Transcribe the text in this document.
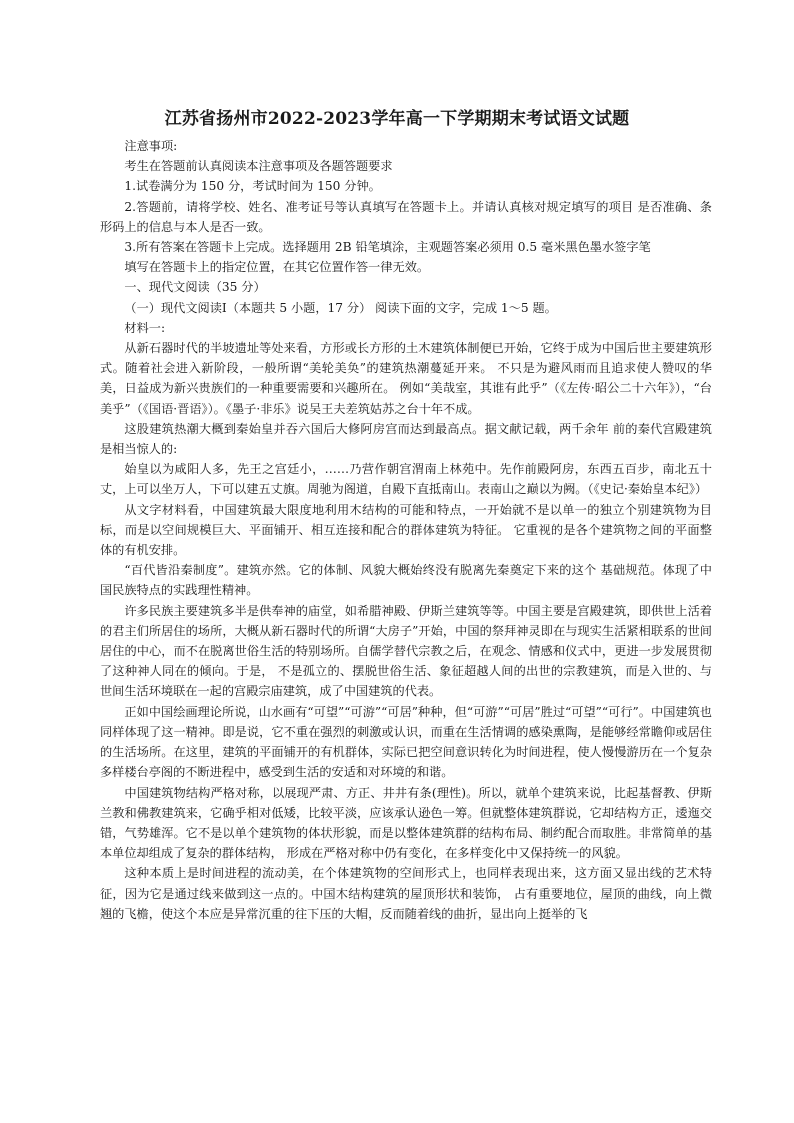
江苏省扬州市2022-2023学年高一下学期期末考试语文试题

注意事项:

考生在答题前认真阅读本注意事项及各题答题要求

1.试卷满分为 150 分，考试时间为 150 分钟。

2.答题前，请将学校、姓名、准考证号等认真填写在答题卡上。并请认真核对规定填写的项目 是否准确、条形码上的信息与本人是否一致。

3.所有答案在答题卡上完成。选择题用 2B 铅笔填涂，主观题答案必须用 0.5 毫米黑色墨水签字笔

填写在答题卡上的指定位置，在其它位置作答一律无效。

一、现代文阅读（35 分）

（一）现代文阅读Ⅰ（本题共 5 小题，17 分） 阅读下面的文字，完成 1～5 题。

材料一:

从新石器时代的半坡遗址等处来看，方形或长方形的土木建筑体制便已开始，它终于成为中国后世主要建筑形式。随着社会进入新阶段，一般所谓“美轮美奂”的建筑热潮蔓延开来。 不只是为避风雨而且追求使人赞叹的华美，日益成为新兴贵族们的一种重要需要和兴趣所在。 例如“美哉室，其谁有此乎”（《左传·昭公二十六年》），“台美乎”（《国语·晋语》）。《墨子·非乐》说吴王夫差筑姑苏之台十年不成。

这股建筑热潮大概到秦始皇并吞六国后大修阿房宫而达到最高点。据文献记载，两千余年 前的秦代宫殿建筑是相当惊人的:

始皇以为咸阳人多，先王之宫廷小，……乃营作朝宫渭南上林苑中。先作前殿阿房，东西五百步，南北五十丈，上可以坐万人，下可以建五丈旗。周驰为阁道，自殿下直抵南山。表南山之巅以为阙。（《史记·秦始皇本纪》）

从文字材料看，中国建筑最大限度地利用木结构的可能和特点，一开始就不是以单一的独立个别建筑物为目标，而是以空间规模巨大、平面铺开、相互连接和配合的群体建筑为特征。 它重视的是各个建筑物之间的平面整体的有机安排。

“百代皆沿秦制度”。建筑亦然。它的体制、风貌大概始终没有脱离先秦奠定下来的这个 基础规范。体现了中国民族特点的实践理性精神。

许多民族主要建筑多半是供奉神的庙堂，如希腊神殿、伊斯兰建筑等等。中国主要是宫殿建筑，即供世上活着的君主们所居住的场所，大概从新石器时代的所谓“大房子”开始，中国的祭拜神灵即在与现实生活紧相联系的世间居住的中心，而不在脱离世俗生活的特别场所。自儒学替代宗教之后，在观念、情感和仪式中，更进一步发展贯彻了这种神人同在的倾向。于是， 不是孤立的、摆脱世俗生活、象征超越人间的出世的宗教建筑，而是入世的、与世间生活环境联在一起的宫殿宗庙建筑，成了中国建筑的代表。

正如中国绘画理论所说，山水画有“可望”“可游”“可居”种种，但“可游”“可居”胜过“可望”“可行”。中国建筑也同样体现了这一精神。即是说，它不重在强烈的刺激或认识，而重在生活情调的感染熏陶，是能够经常瞻仰或居住的生活场所。在这里，建筑的平面铺开的有机群体，实际已把空间意识转化为时间进程，使人慢慢游历在一个复杂多样楼台亭阁的不断进程中，感受到生活的安适和对环境的和谐。

中国建筑物结构严格对称，以展现严肃、方正、井井有条(理性)。所以，就单个建筑来说，比起基督教、伊斯兰教和佛教建筑来，它确乎相对低矮，比较平淡，应该承认逊色一筹。但就整体建筑群说，它却结构方正，逶迤交错，气势雄浑。它不是以单个建筑物的体状形貌，而是以整体建筑群的结构布局、制约配合而取胜。非常简单的基本单位却组成了复杂的群体结构， 形成在严格对称中仍有变化，在多样变化中又保持统一的风貌。

这种本质上是时间进程的流动美，在个体建筑物的空间形式上，也同样表现出来，这方面又显出线的艺术特征，因为它是通过线来做到这一点的。中国木结构建筑的屋顶形状和装饰， 占有重要地位，屋顶的曲线，向上微翘的飞檐，使这个本应是异常沉重的往下压的大帽，反而随着线的曲折，显出向上挺举的飞
